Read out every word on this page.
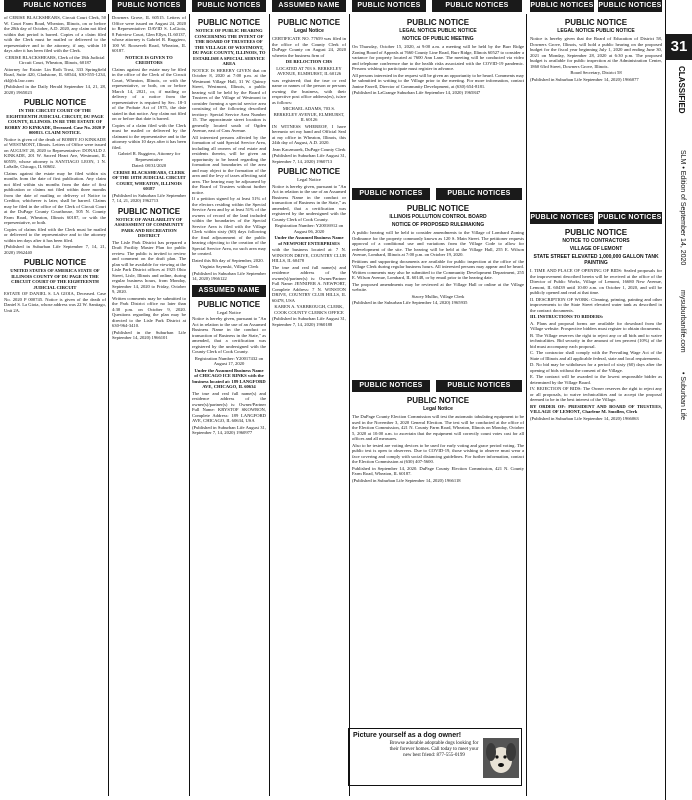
PUBLIC NOTICES	PUBLIC NOTICES	PUBLIC NOTICES	ASSUMED NAME	PUBLIC NOTICES	PUBLIC NOTICES	PUBLIC NOTICES PUBLIC NOTICES

of CERISE BLACKSHEARS, Circuit Court Clerk, 50 W. Court Farm Road, Wheaton, Illinois, on or before the 28th day of October, A.D. 2020, any claim not filed within that period is barred. Copies of a claim filed with the Clerk must be mailed or delivered to the representative and to the attorney, if any, within 10 days after it has been filed with the Clerk.

CERISE BLACKSHEARS, Clerk of the 18th Judicial Circuit Court, Wheaton, Illinois, 60187

Attorney for Estate: Lin Roth Trost, 333 Springfield Road, Suite 420, Gladstone, IL 60544, 630-555-1234, rkl@rk.law.com

(Published in the Daily Herald September 14, 21, 28, 2020) 1965023

PUBLIC NOTICE

IN THE CIRCUIT COURT OF THE EIGHTEENTH JUDICIAL CIRCUIT, DU PAGE COUNTY, ILLINOIS. IN RE THE ESTATE OF BOBBY JO KINKADE, Deceased. Case No. 2020 P 000813. CLAIM NOTICE.

Notice is given of the death of BOBBY JO KINKADE of WESTMONT, Illinois. Letters of Office were issued on AUGUST 20, 2020 to Representative: DONALD J. KINKADE, 201 W. Sacred Heart Ave, Westmont, IL 60559, whose attorney is SANTIAGO LEON, 1 N. LaSalle, Chicago, IL 60602.

Claims against the estate may be filed within six months from the date of first publication. Any claim not filed within six months from the date of first publication or claims not filed within three months from the date of mailing or delivery of Notice to Creditor, whichever is later, shall be barred. Claims may be filed in the office of the Clerk of Circuit Court at the DuPage County Courthouse, 505 N. County Farm Road, Wheaton, Illinois 60187, or with the representative, or both.

Copies of claims filed with the Clerk must be mailed or delivered to the representative and to the attorney within ten days after it has been filed.

(Published in Suburban Life September 7, 14, 21, 2020) 1962440

PUBLIC NOTICE

UNITED STATES OF AMERICA STATE OF ILLINOIS COUNTY OF DU PAGE IN THE CIRCUIT COURT OF THE EIGHTEENTH JUDICIAL CIRCUIT

ESTATE OF DANIEL S. LA GIOIA, Deceased. Case No. 2020 P 000745. Notice is given of the death of Daniel S. La Gioia, whose address was 22 W. Santiago, Unit 2A.

Downers Grove, IL 60515. Letters of Office were issued on August 24, 2020 to Representative: DAVID S. LaGioia, 8 Fairview Court, Glen Ellyn, IL 60137, whose attorney is Gabriel R. Ruggiero, 100 W. Roosevelt Road, Wheaton, IL 60187.

NOTICE IS GIVEN TO CREDITORS

Claims against the estate may be filed in the office of the Clerk of the Circuit Court, Wheaton, Illinois, or with the representative, or both, on or before March 14, 2021, or, if mailing or delivery of a notice from the representative is required by Sec. 18-3 of the Probate Act of 1975, the date stated in that notice. Any claim not filed on or before that date is barred.

Copies of a claim filed with the Clerk must be mailed or delivered by the claimant to the representative and to the attorney within 10 days after it has been filed.

Gabriel R. Ruggiero, Attorney for Representative

Dated: 08/31/2020

CERISE BLACKSHEARS, CLERK OF THE 18TH JUDICIAL CIRCUIT COURT, WHEATON, ILLINOIS 60187

(Published in Suburban Life September 7, 14, 21, 2020) 1962713

PUBLIC NOTICE

NOTICE OF AVAILABILITY OF ASSESSMENT OF COMMUNITY PARK AND RECREATION DISTRICT

The Lisle Park District has prepared a Draft Facility Master Plan for public review. The public is invited to review and comment on the draft plan. The plan will be available for viewing at the Lisle Park District offices at 1925 Ohio Street, Lisle, Illinois and online, during regular business hours, from Monday, September 14, 2020 to Friday, October 9, 2020.

Written comments may be submitted to the Park District office no later than 4:30 p.m. on October 9, 2020. Questions regarding the plan may be directed to the Lisle Park District at 630-964-3410.

(Published in the Suburban Life September 14, 2020) 1966101

PUBLIC NOTICE

NOTICE OF PUBLIC HEARING CONCERNING THE INTENT OF THE BOARD OF TRUSTEES OF THE VILLAGE OF WESTMONT, DU PAGE COUNTY, ILLINOIS, TO ESTABLISH A SPECIAL SERVICE AREA

NOTICE IS HEREBY GIVEN that on October 8, 2020 at 7:00 p.m. at the Westmont Village Hall, 31 W. Quincy Street, Westmont, Illinois, a public hearing will be held by the Board of Trustees of the Village of Westmont to consider forming a special service area consisting of the following described territory: Special Service Area Number 15. The approximate street location is generally located south of Ogden Avenue, east of Cass Avenue.

All interested persons affected by the formation of said Special Service Area, including all owners of real estate and residents therein, will be given an opportunity to be heard regarding the formation and boundaries of the area and may object to the formation of the area and the levy of taxes affecting said area. The hearing may be adjourned by the Board of Trustees without further notice.

If a petition signed by at least 51% of the electors residing within the Special Service Area and by at least 51% of the owners of record of the land included within the boundaries of the Special Service Area is filed with the Village Clerk within sixty (60) days following the final adjournment of the public hearing objecting to the creation of the Special Service Area, no such area may be created.

Dated this 8th day of September, 2020.

Virginia Szymski, Village Clerk

(Published in Suburban Life September 14, 2020) 1966122

ASSUMED NAME
PUBLIC NOTICE

Legal Notice

Notice is hereby given, pursuant to "An Act in relation to the use of an Assumed Business Name in the conduct or transaction of Business in the State," as amended, that a certification was registered by the undersigned with the County Clerk of Cook County.

Registration Number: Y20017432 on August 17, 2020

Under the Assumed Business Name of CHICAGO ICE RINKS with the business located at: 189 LANGFORD AVE, CHICAGO, IL 60634

The true and real full name(s) and residence address of the owner(s)/partner(s) is: Owner/Partner Full Name: KRYSTOF SKOWRON, Complete Address: 189 LANGFORD AVE, CHICAGO, IL 60634, USA

(Published in Suburban Life August 31, September 7, 14, 2020) 1960977

PUBLIC NOTICE
Legal Notice

CERTIFICATE NO. 77659 was filed in the office of the County Clerk of DuPage County on August 24, 2020 wherein the business firm of

DE RELOCTION CHS

LOCATED AT 703 S. BERKELEY AVENUE, ELMHURST, IL 60126

was registered; that the true or real name or names of the person or persons owning the business, with their respective post office address(es), is/are as follows:

MICHAEL ADAMS, 703 S. BERKELEY AVENUE, ELMHURST, IL 60126

IN WITNESS WHEREOF, I have hereunto set my hand and Official Seal at my office in Wheaton, Illinois, this 24th day of August, A.D. 2020.

Jean Kaczmarek, DuPage County Clerk

(Published in Suburban Life August 31, September 7, 14, 2020) 1960713

PUBLIC NOTICE

Legal Notice

Notice is hereby given, pursuant to "An Act in relation to the use of an Assumed Business Name in the conduct or transaction of Business in the State," as amended, that a certification was registered by the undersigned with the County Clerk of Cook County.

Registration Number: Y20016912 on August 06, 2020

Under the Assumed Business Name of NEWPORT ENTERPRISES

with the business located at: 7 N. WINSTON DRIVE, COUNTRY CLUB HILLS, IL 60478

The true and real full name(s) and residence address of the owner(s)/partner(s) is: Owner/Partner Full Name: JENNIFER A. NEWPORT, Complete Address: 7 N. WINSTON DRIVE, COUNTRY CLUB HILLS, IL 60478, USA

KAREN A. YARBROUGH, CLERK, COOK COUNTY CLERK'S OFFICE

(Published in Suburban Life August 31, September 7, 14, 2020) 1960188

PUBLIC NOTICE
LEGAL NOTICE PUBLIC NOTICE
NOTICE OF PUBLIC MEETING

On Thursday, October 15, 2020, at 9:00 a.m. a meeting will be held by the Burr Ridge Zoning Board of Appeals at 7660 County Line Road, Burr Ridge, Illinois 60527 to consider a variance for property located at 7600 Ann Lane. The meeting will be conducted via video and telephone conference due to the health risks associated with the COVID-19 pandemic. Persons wishing to participate must register in advance.

All persons interested in the request will be given an opportunity to be heard. Comments may be submitted in writing to the Village prior to the meeting. For more information, contact Janine Farrell, Director of Community Development, at (630) 654-8181.

(Published in LaGrange Suburban Life September 14, 2020) 1965847

PUBLIC NOTICES	PUBLIC NOTICES
PUBLIC NOTICE
ILLINOIS POLLUTION CONTROL BOARD
NOTICE OF PROPOSED RULEMAKING

A public hearing will be held to consider amendments to the Village of Lombard Zoning Ordinance for the property commonly known as 120 S. Main Street. The petitioner requests approval of a conditional use and variations from the Village Code to allow for redevelopment of the site. The hearing will be held at the Village Hall, 255 E. Wilson Avenue, Lombard, Illinois at 7:00 p.m. on October 19, 2020.

Petitions and supporting documents are available for public inspection at the office of the Village Clerk during regular business hours. All interested persons may appear and be heard. Written comments may also be submitted to the Community Development Department, 255 E. Wilson Avenue, Lombard, IL 60148, or by email prior to the hearing date.

The proposed amendments may be reviewed at the Village Hall or online at the Village website.

Stacey Mullin, Village Clerk

(Published in the Suburban Life September 14, 2020) 1965935

PUBLIC NOTICES	PUBLIC NOTICES
PUBLIC NOTICE
Legal Notice

The DuPage County Election Commission will test the automatic tabulating equipment to be used in the November 3, 2020 General Election. The test will be conducted at the office of the Election Commission, 421 N. County Farm Road, Wheaton, Illinois on Monday, October 5, 2020 at 10:00 a.m. to ascertain that the equipment will correctly count votes cast for all offices and all measures.

Also to be tested are voting devices to be used for early voting and grace period voting. The public test is open to observers. Due to COVID-19, those wishing to observe must wear a face covering and comply with social distancing guidelines. For further information, contact the Election Commission at (630) 407-5600.

Published in September 14, 2020. DuPage County Election Commission, 421 N. County Farm Road, Wheaton, IL 60187.

(Published in Suburban Life September 14, 2020) 1966118

Picture yourself as a dog owner!
Browse adorable adoptable dogs looking for their forever homes. Call today to meet your new best friend: 877-555-0199
PUBLIC NOTICE
LEGAL NOTICE PUBLIC NOTICE

Notice is hereby given that the Board of Education of District 58, Downers Grove, Illinois, will hold a public hearing on the proposed budget for the fiscal year beginning July 1, 2020 and ending June 30, 2021 on Monday, September 28, 2020 at 6:30 p.m. The proposed budget is available for public inspection at the Administration Center, 1860 63rd Street, Downers Grove, Illinois.

Board Secretary, District 58

(Published in Suburban Life September 14, 2020) 1966077

PUBLIC NOTICES PUBLIC NOTICES
PUBLIC NOTICE
NOTICE TO CONTRACTORS
VILLAGE OF LEMONT
STATE STREET ELEVATED 1,000,000 GALLON TANK PAINTING

I. TIME AND PLACE OF OPENING OF BIDS: Sealed proposals for the improvement described herein will be received at the office of the Director of Public Works, Village of Lemont, 16680 New Avenue, Lemont, IL 60439 until 10:00 a.m. on October 1, 2020, and will be publicly opened and read at that time.

II. DESCRIPTION OF WORK: Cleaning, priming, painting and other improvements to the State Street elevated water tank as described in the contract documents.

III. INSTRUCTIONS TO BIDDERS:

A. Plans and proposal forms are available for download from the Village website. Prospective bidders must register to obtain documents.

B. The Village reserves the right to reject any or all bids and to waive technicalities. Bid security in the amount of ten percent (10%) of the bid must accompany each proposal.

C. The contractor shall comply with the Prevailing Wage Act of the State of Illinois and all applicable federal, state and local requirements.

D. No bid may be withdrawn for a period of sixty (60) days after the opening of bids without the consent of the Village.

E. The contract will be awarded to the lowest responsible bidder as determined by the Village Board.

IV. REJECTION OF BIDS: The Owner reserves the right to reject any or all proposals, to waive technicalities and to accept the proposal deemed to be in the best interest of the Village.

BY ORDER OF: PRESIDENT AND BOARD OF TRUSTEES, VILLAGE OF LEMONT, Charlene M. Smollen, Clerk

(Published in Suburban Life September 14, 2020) 1966063

31
CLASSIFIED
SLM • Edition of September 14, 2020
mysuburbanlife.com
• Suburban Life
